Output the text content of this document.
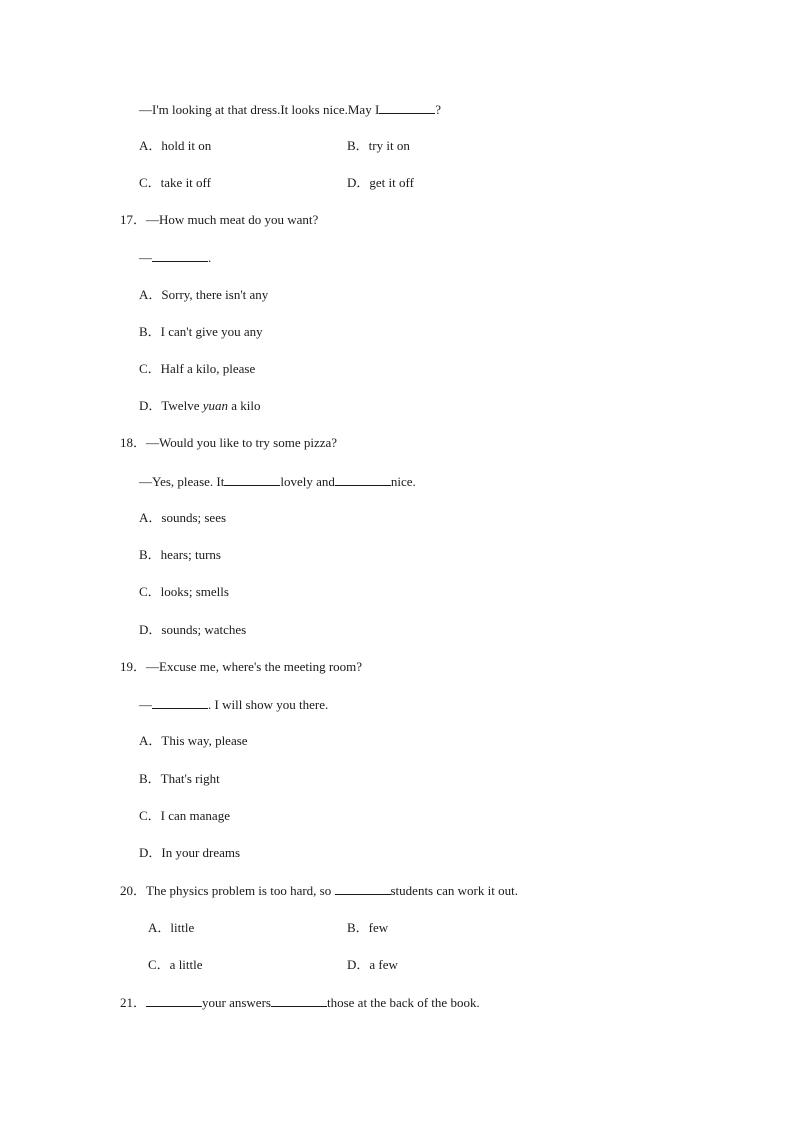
—I'm looking at that dress.It looks nice.May I	?
A．hold it on	B．try it on
C．take it off	D．get it off
17．—How much meat do you want?
—	.
A．Sorry, there isn't any
B．I can't give you any
C．Half a kilo, please
D．Twelve yuan a kilo
18．—Would you like to try some pizza?
—Yes, please. It	lovely and	nice.
A．sounds; sees
B．hears; turns
C．looks; smells
D．sounds; watches
19．—Excuse me, where's the meeting room?
—	. I will show you there.
A．This way, please
B．That's right
C．I can manage
D．In your dreams
20．The physics problem is too hard, so	students can work it out.
A．little	B．few
C．a little	D．a few
21．	your answers	those at the back of the book.
